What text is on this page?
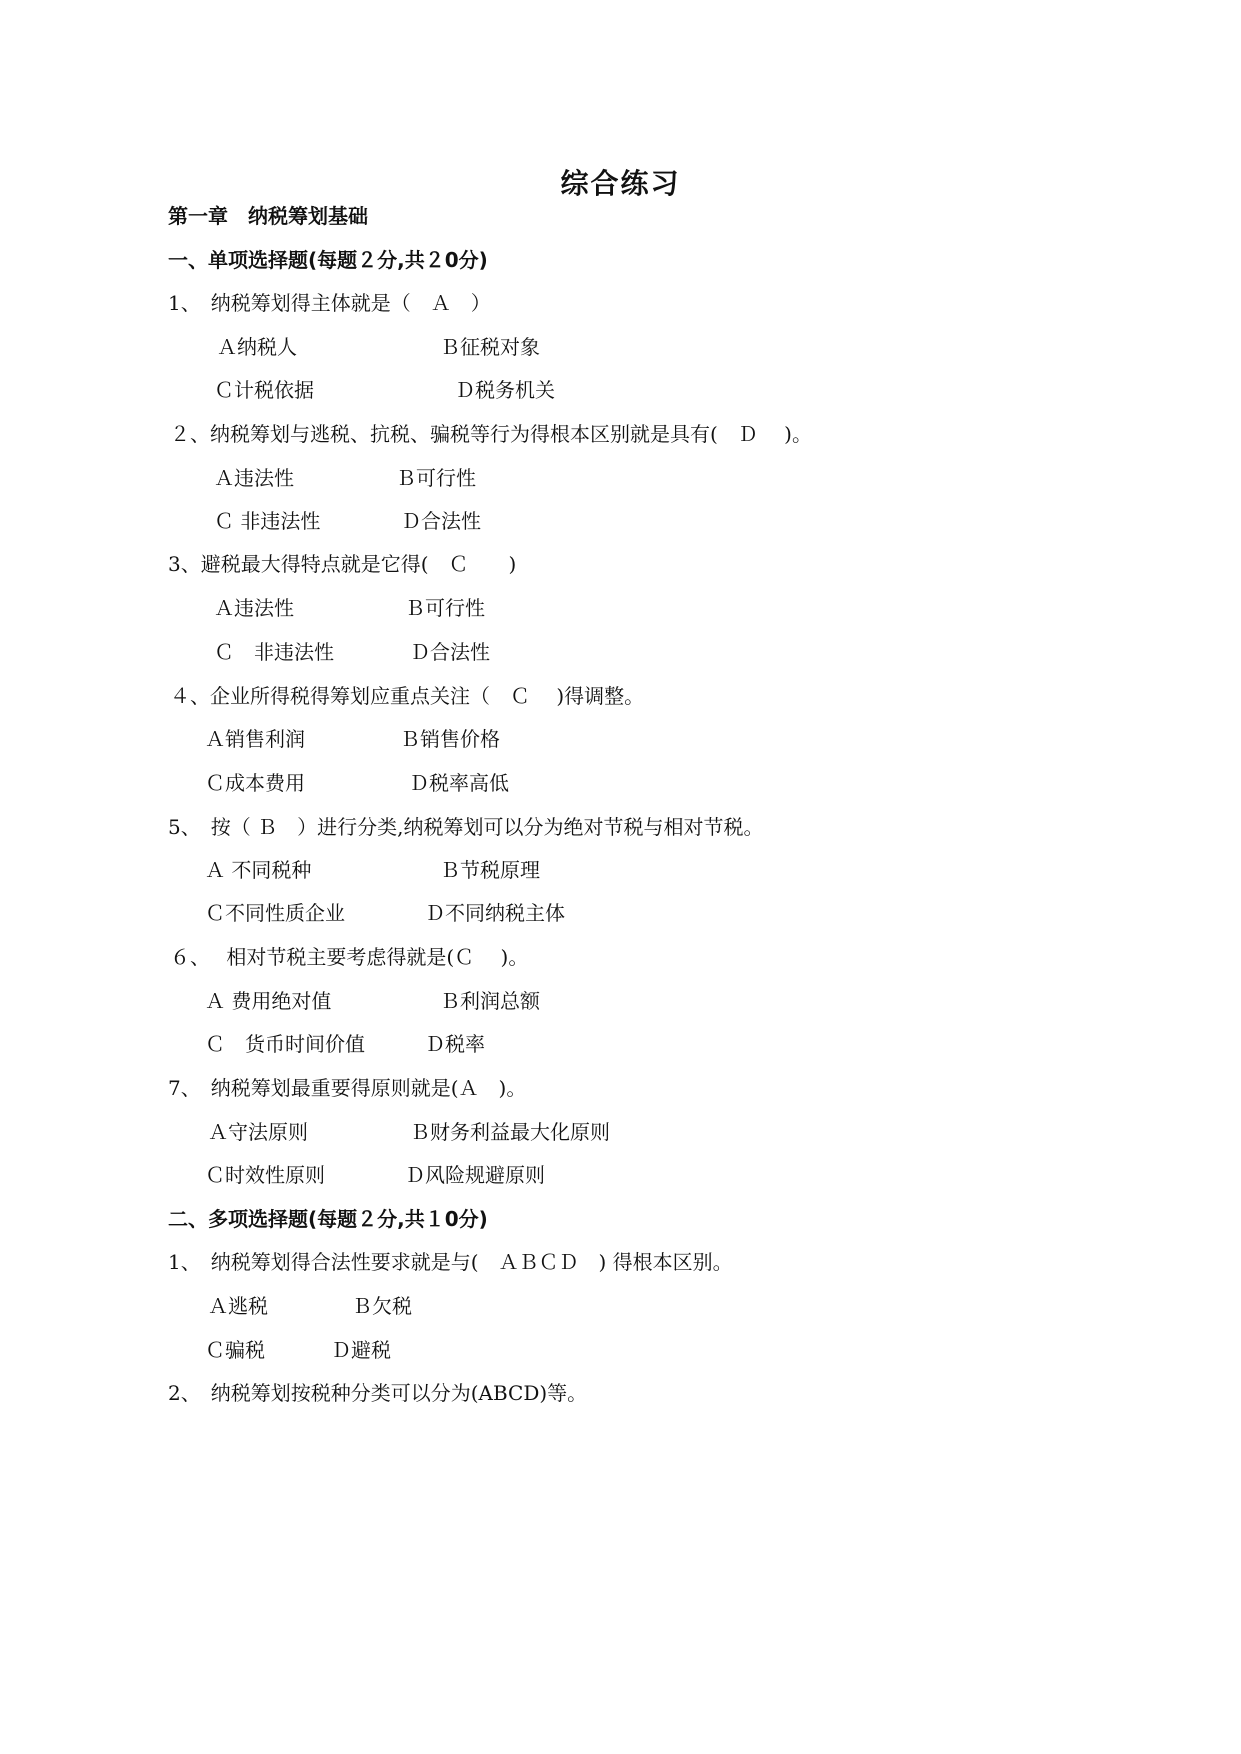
综合练习
第一章　纳税筹划基础
一、单项选择题(每题２分,共２0分)
1、　纳税筹划得主体就是（　Ａ　）
Ａ纳税人	Ｂ征税对象
Ｃ计税依据	Ｄ税务机关
２、纳税筹划与逃税、抗税、骗税等行为得根本区别就是具有(　Ｄ　 )。
Ａ违法性	Ｂ可行性
Ｃ 非违法性	Ｄ合法性
3、避税最大得特点就是它得(　Ｃ　　)
Ａ违法性	Ｂ可行性
Ｃ　非违法性	Ｄ合法性
４、企业所得税得筹划应重点关注（　Ｃ　 )得调整。
Ａ销售利润	Ｂ销售价格
Ｃ成本费用	Ｄ税率高低
5、　按（ Ｂ　）进行分类,纳税筹划可以分为绝对节税与相对节税。
Ａ 不同税种	Ｂ节税原理
Ｃ不同性质企业	Ｄ不同纳税主体
６、　 相对节税主要考虑得就是(Ｃ　 )。
Ａ 费用绝对值	Ｂ利润总额
Ｃ　货币时间价值	Ｄ税率
7、　纳税筹划最重要得原则就是(Ａ　)。
Ａ守法原则	Ｂ财务利益最大化原则
Ｃ时效性原则	Ｄ风险规避原则
二、多项选择题(每题２分,共１0分)
1、　纳税筹划得合法性要求就是与(　ＡＢＣＤ　) 得根本区别。
Ａ逃税	Ｂ欠税
Ｃ骗税	Ｄ避税
2、　纳税筹划按税种分类可以分为(ABCD)等。
